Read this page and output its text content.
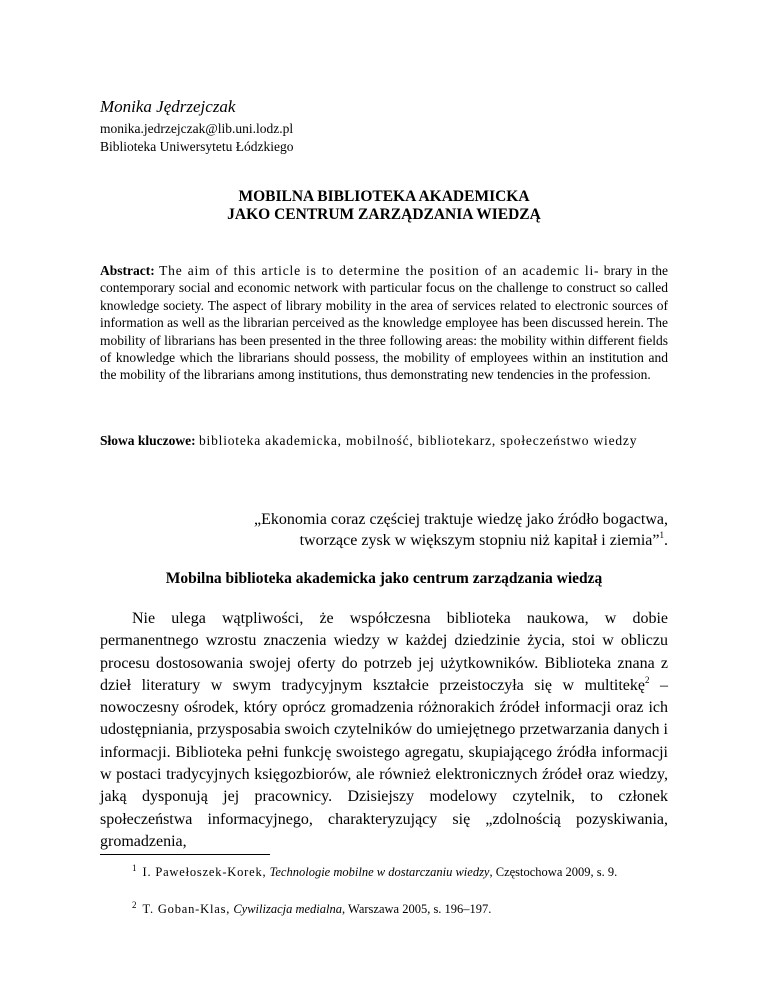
Monika Jędrzejczak
monika.jedrzejczak@lib.uni.lodz.pl
Biblioteka Uniwersytetu Łódzkiego
MOBILNA BIBLIOTEKA AKADEMICKA
JAKO CENTRUM ZARZĄDZANIA WIEDZĄ

Abstract: The aim of this article is to determine the position of an academic li- brary in the contemporary social and economic network with particular focus on the challenge to construct so called knowledge society. The aspect of library mobility in the area of services related to electronic sources of information as well as the librarian perceived as the knowledge employee has been discussed herein. The mobility of librarians has been presented in the three following areas: the mobility within different fields of knowledge which the librarians should possess, the mobility of employees within an institution and the mobility of the librarians among institutions, thus demonstrating new tendencies in the profession.

Słowa kluczowe: biblioteka akademicka, mobilność, bibliotekarz, społeczeństwo wiedzy

„Ekonomia coraz częściej traktuje wiedzę jako źródło bogactwa,
tworzące zysk w większym stopniu niż kapitał i ziemia”$^1$.
Mobilna biblioteka akademicka jako centrum zarządzania wiedzą

Nie ulega wątpliwości, że współczesna biblioteka naukowa, w dobie permanentnego wzrostu znaczenia wiedzy w każdej dziedzinie życia, stoi w obliczu procesu dostosowania swojej oferty do potrzeb jej użytkowników. Biblioteka znana z dzieł literatury w swym tradycyjnym kształcie przeistoczyła się w multitekę$^2$ – nowoczesny ośrodek, który oprócz gromadzenia różnorakich źródeł informacji oraz ich udostępniania, przysposabia swoich czytelników do umiejętnego przetwarzania danych i informacji. Biblioteka pełni funkcję swoistego agregatu, skupiającego źródła informacji w postaci tradycyjnych księgozbiorów, ale również elektronicznych źródeł oraz wiedzy, jaką dysponują jej pracownicy. Dzisiejszy modelowy czytelnik, to członek społeczeństwa informacyjnego, charakteryzujący się „zdolnością pozyskiwania, gromadzenia,

$^1$ I. Pawełoszek-Korek, Technologie mobilne w dostarczaniu wiedzy, Częstochowa 2009, s. 9.

$^2$ T. Goban-Klas, Cywilizacja medialna, Warszawa 2005, s. 196–197.
